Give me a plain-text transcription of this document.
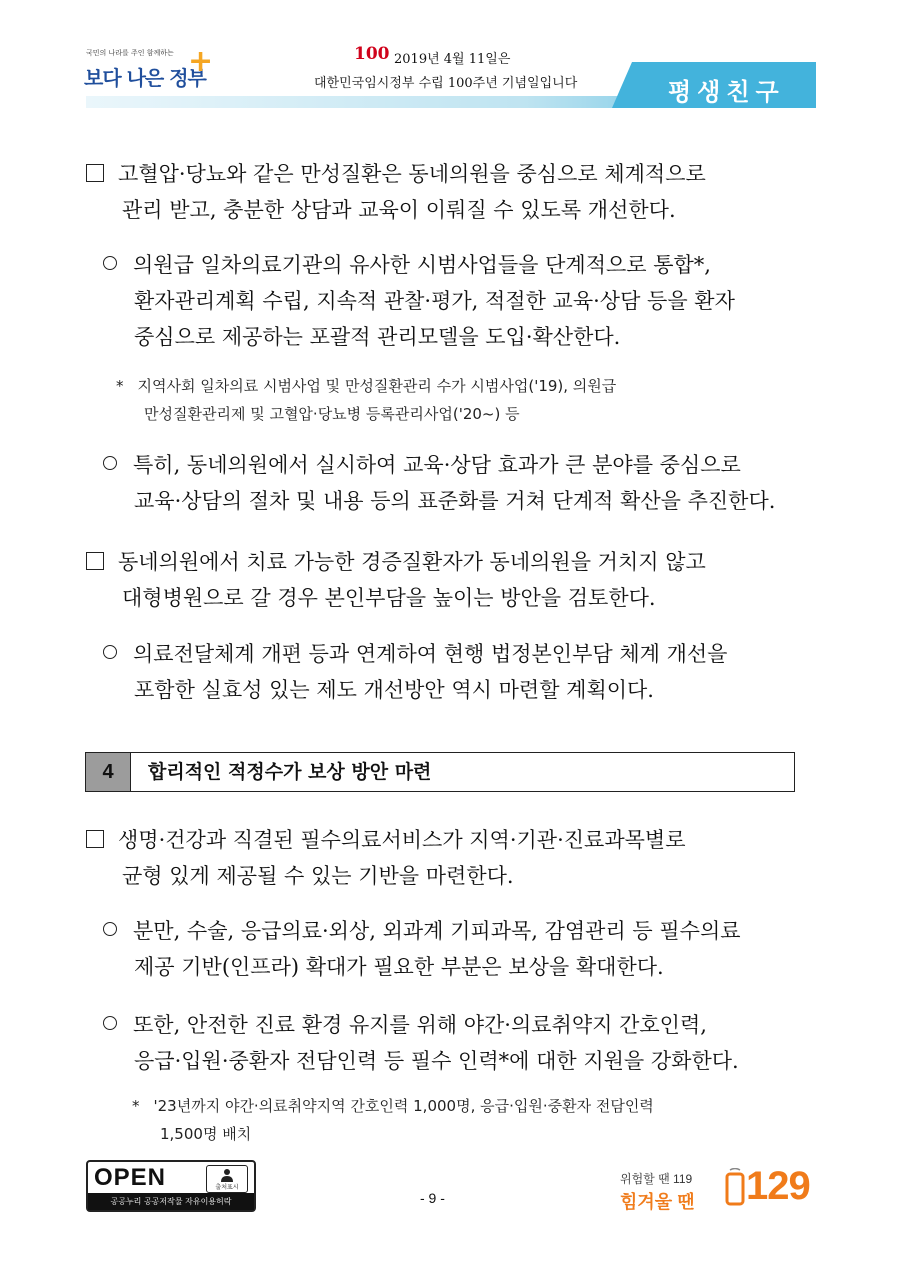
국민의 나라를 주인 함께하는
보다 나은 정부
+	100 2019년 4월 11일은
대한민국임시정부 수립 100주년 기념일입니다	평생친구
고혈압·당뇨와 같은 만성질환은 동네의원을 중심으로 체계적으로
관리 받고, 충분한 상담과 교육이 이뤄질 수 있도록 개선한다.
의원급 일차의료기관의 유사한 시범사업들을 단계적으로 통합*,
환자관리계획 수립, 지속적 관찰·평가, 적절한 교육·상담 등을 환자
중심으로 제공하는 포괄적 관리모델을 도입·확산한다.
* 지역사회 일차의료 시범사업 및 만성질환관리 수가 시범사업('19), 의원급
만성질환관리제 및 고혈압·당뇨병 등록관리사업('20~) 등
특히, 동네의원에서 실시하여 교육·상담 효과가 큰 분야를 중심으로
교육·상담의 절차 및 내용 등의 표준화를 거쳐 단계적 확산을 추진한다.
동네의원에서 치료 가능한 경증질환자가 동네의원을 거치지 않고
대형병원으로 갈 경우 본인부담을 높이는 방안을 검토한다.
의료전달체계 개편 등과 연계하여 현행 법정본인부담 체계 개선을
포함한 실효성 있는 제도 개선방안 역시 마련할 계획이다.
4	합리적인 적정수가 보상 방안 마련
생명·건강과 직결된 필수의료서비스가 지역·기관·진료과목별로
균형 있게 제공될 수 있는 기반을 마련한다.
분만, 수술, 응급의료·외상, 외과계 기피과목, 감염관리 등 필수의료
제공 기반(인프라) 확대가 필요한 부분은 보상을 확대한다.
또한, 안전한 진료 환경 유지를 위해 야간·의료취약지 간호인력,
응급·입원·중환자 전담인력 등 필수 인력*에 대한 지원을 강화한다.
* '23년까지 야간·의료취약지역 간호인력 1,000명, 응급·입원·중환자 전담인력
1,500명 배치
OPEN	출처표시
공공누리 공공저작물 자유이용허락	- 9 -
위험할 땐 119
힘겨울 땐 129
